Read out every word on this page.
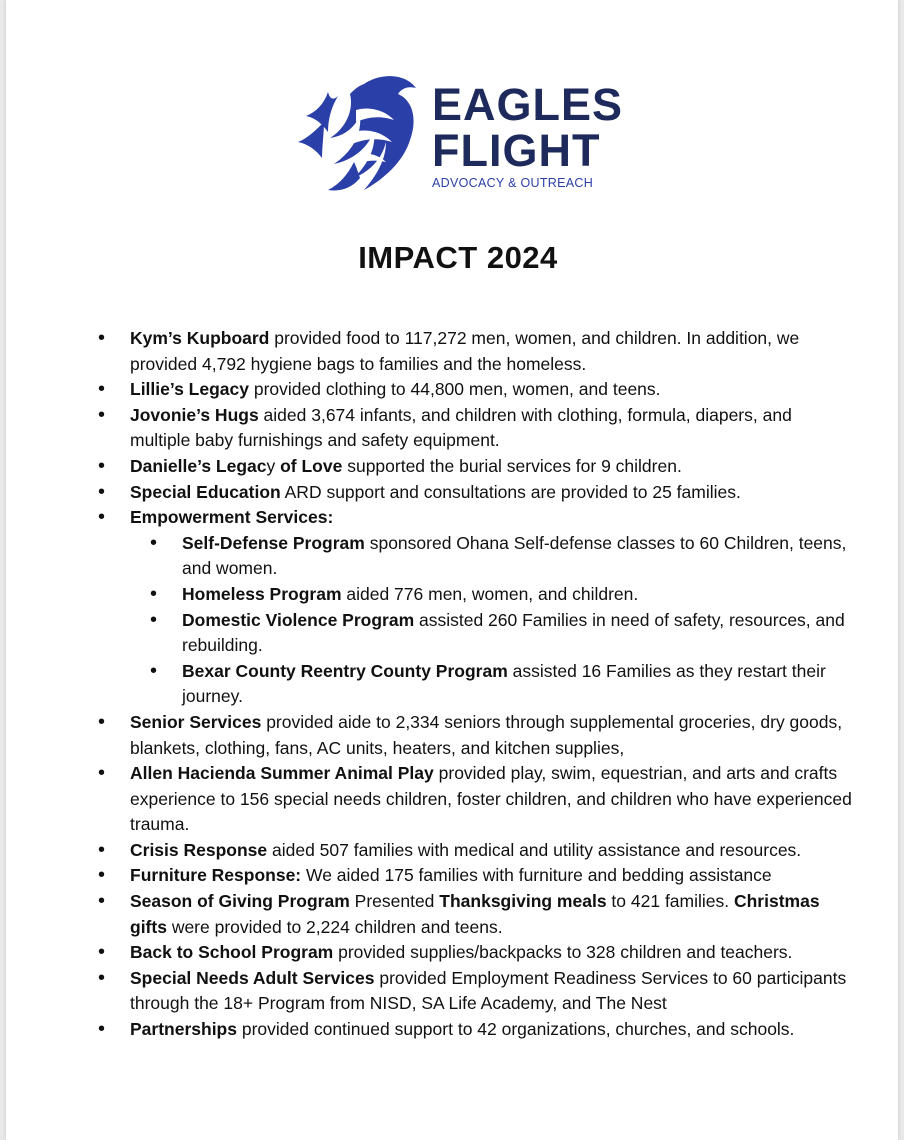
EAGLES
FLIGHT
ADVOCACY & OUTREACH
IMPACT 2024
• Kym’s Kupboard provided food to 117,272 men, women, and children. In addition, we provided 4,792 hygiene bags to families and the homeless.
• Lillie’s Legacy provided clothing to 44,800 men, women, and teens.
• Jovonie’s Hugs aided 3,674 infants, and children with clothing, formula, diapers, and multiple baby furnishings and safety equipment.
• Danielle’s Legacy of Love supported the burial services for 9 children.
• Special Education ARD support and consultations are provided to 25 families.
• Empowerment Services:
• Self-Defense Program sponsored Ohana Self-defense classes to 60 Children, teens, and women.
• Homeless Program aided 776 men, women, and children.
• Domestic Violence Program assisted 260 Families in need of safety, resources, and rebuilding.
• Bexar County Reentry County Program assisted 16 Families as they restart their journey.
• Senior Services provided aide to 2,334 seniors through supplemental groceries, dry goods, blankets, clothing, fans, AC units, heaters, and kitchen supplies,
• Allen Hacienda Summer Animal Play provided play, swim, equestrian, and arts and crafts experience to 156 special needs children, foster children, and children who have experienced trauma.
• Crisis Response aided 507 families with medical and utility assistance and resources.
• Furniture Response: We aided 175 families with furniture and bedding assistance
• Season of Giving Program Presented Thanksgiving meals to 421 families. Christmas gifts were provided to 2,224 children and teens.
• Back to School Program provided supplies/backpacks to 328 children and teachers.
• Special Needs Adult Services provided Employment Readiness Services to 60 participants through the 18+ Program from NISD, SA Life Academy, and The Nest
• Partnerships provided continued support to 42 organizations, churches, and schools.
